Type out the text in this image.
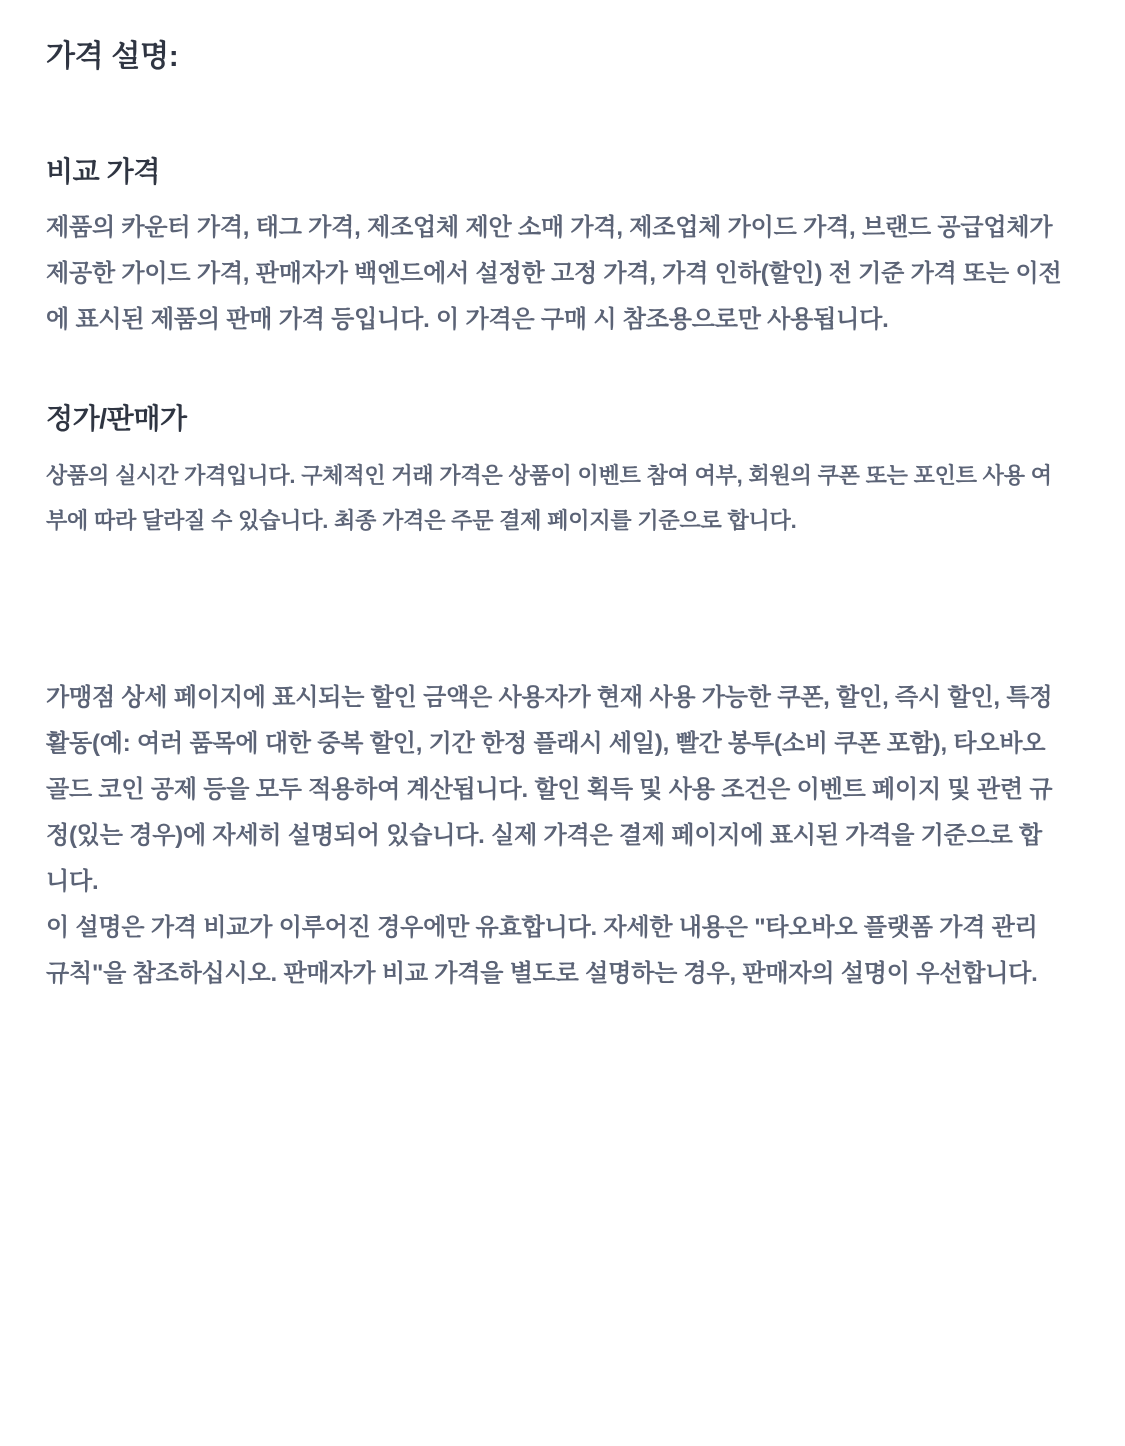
가격 설명:
비교 가격

제품의 카운터 가격, 태그 가격, 제조업체 제안 소매 가격, 제조업체 가이드 가격, 브랜드 공급업체가 제공한 가이드 가격, 판매자가 백엔드에서 설정한 고정 가격, 가격 인하(할인) 전 기준 가격 또는 이전에 표시된 제품의 판매 가격 등입니다. 이 가격은 구매 시 참조용으로만 사용됩니다.

정가/판매가

상품의 실시간 가격입니다. 구체적인 거래 가격은 상품이 이벤트 참여 여부, 회원의 쿠폰 또는 포인트 사용 여부에 따라 달라질 수 있습니다. 최종 가격은 주문 결제 페이지를 기준으로 합니다.

가맹점 상세 페이지에 표시되는 할인 금액은 사용자가 현재 사용 가능한 쿠폰, 할인, 즉시 할인, 특정 활동(예: 여러 품목에 대한 중복 할인, 기간 한정 플래시 세일), 빨간 봉투(소비 쿠폰 포함), 타오바오 골드 코인 공제 등을 모두 적용하여 계산됩니다. 할인 획득 및 사용 조건은 이벤트 페이지 및 관련 규정(있는 경우)에 자세히 설명되어 있습니다. 실제 가격은 결제 페이지에 표시된 가격을 기준으로 합니다.

이 설명은 가격 비교가 이루어진 경우에만 유효합니다. 자세한 내용은 "타오바오 플랫폼 가격 관리 규칙"을 참조하십시오. 판매자가 비교 가격을 별도로 설명하는 경우, 판매자의 설명이 우선합니다.
